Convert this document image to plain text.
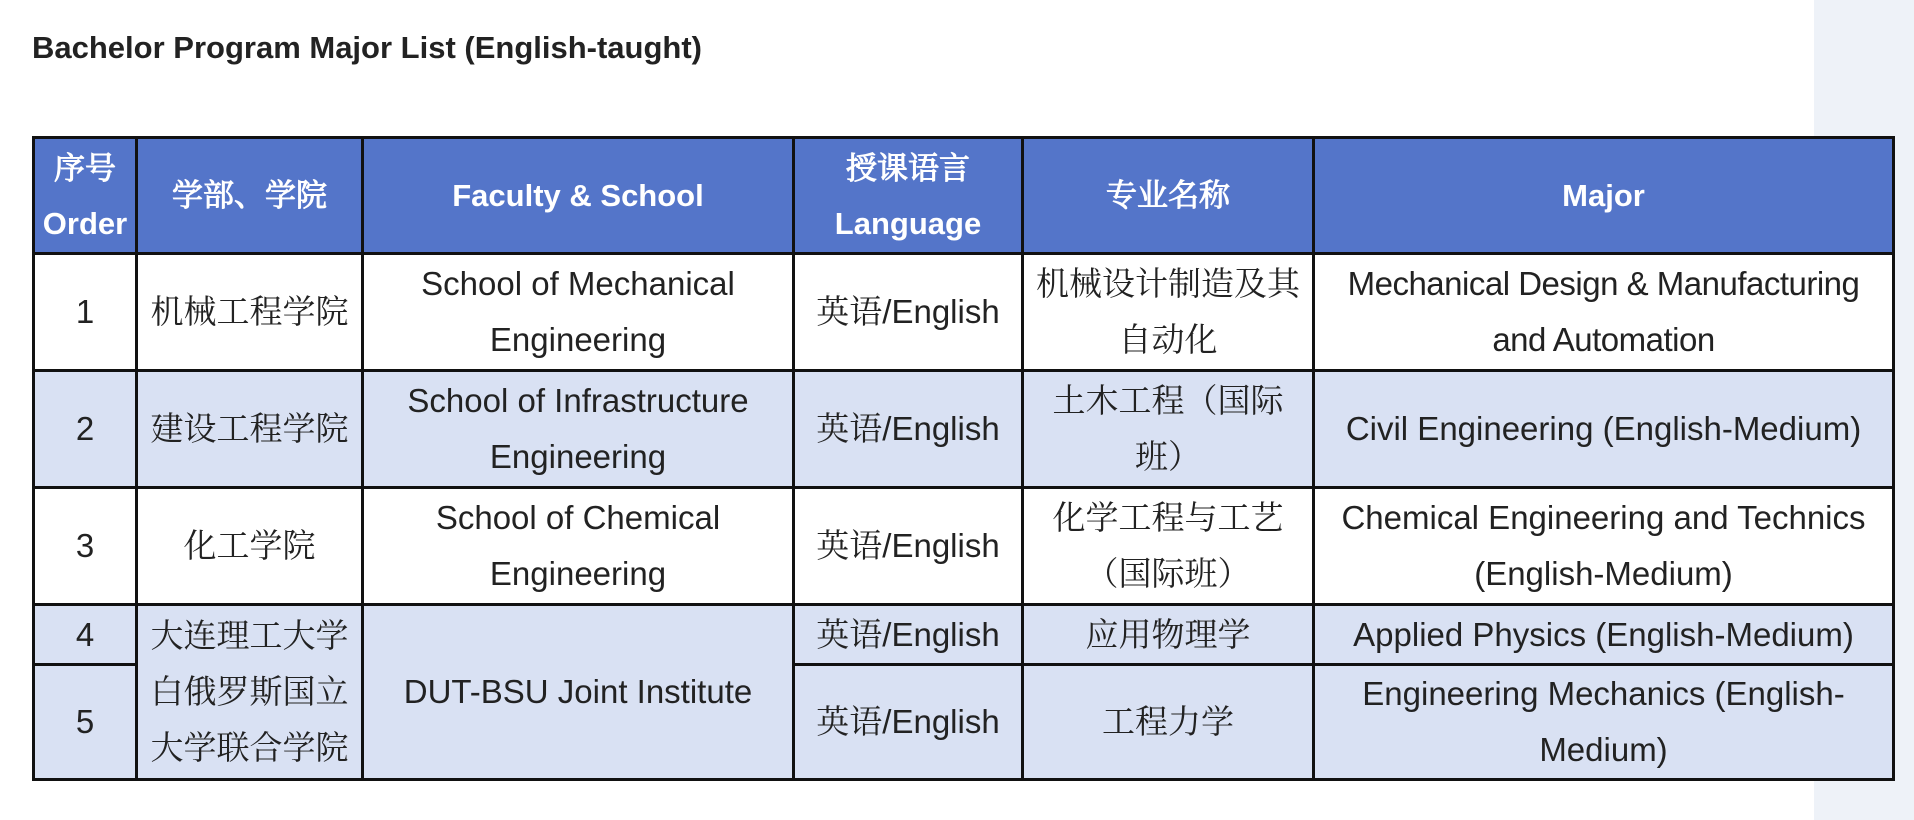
Bachelor Program Major List (English-taught)
序号 Order	学部、学院	Faculty & School	授课语言 Language	专业名称	Major
1	机械工程学院	School of Mechanical Engineering	英语/English	机械设计制造及其自动化	Mechanical Design & Manufacturing and Automation
2	建设工程学院	School of Infrastructure Engineering	英语/English	土木工程（国际班）	Civil Engineering (English-Medium)
3	化工学院	School of Chemical Engineering	英语/English	化学工程与工艺（国际班）	Chemical Engineering and Technics (English-Medium)
4	大连理工大学白俄罗斯国立大学联合学院	DUT-BSU Joint Institute	英语/English	应用物理学	Applied Physics (English-Medium)
5			英语/English	工程力学	Engineering Mechanics (English-Medium)
